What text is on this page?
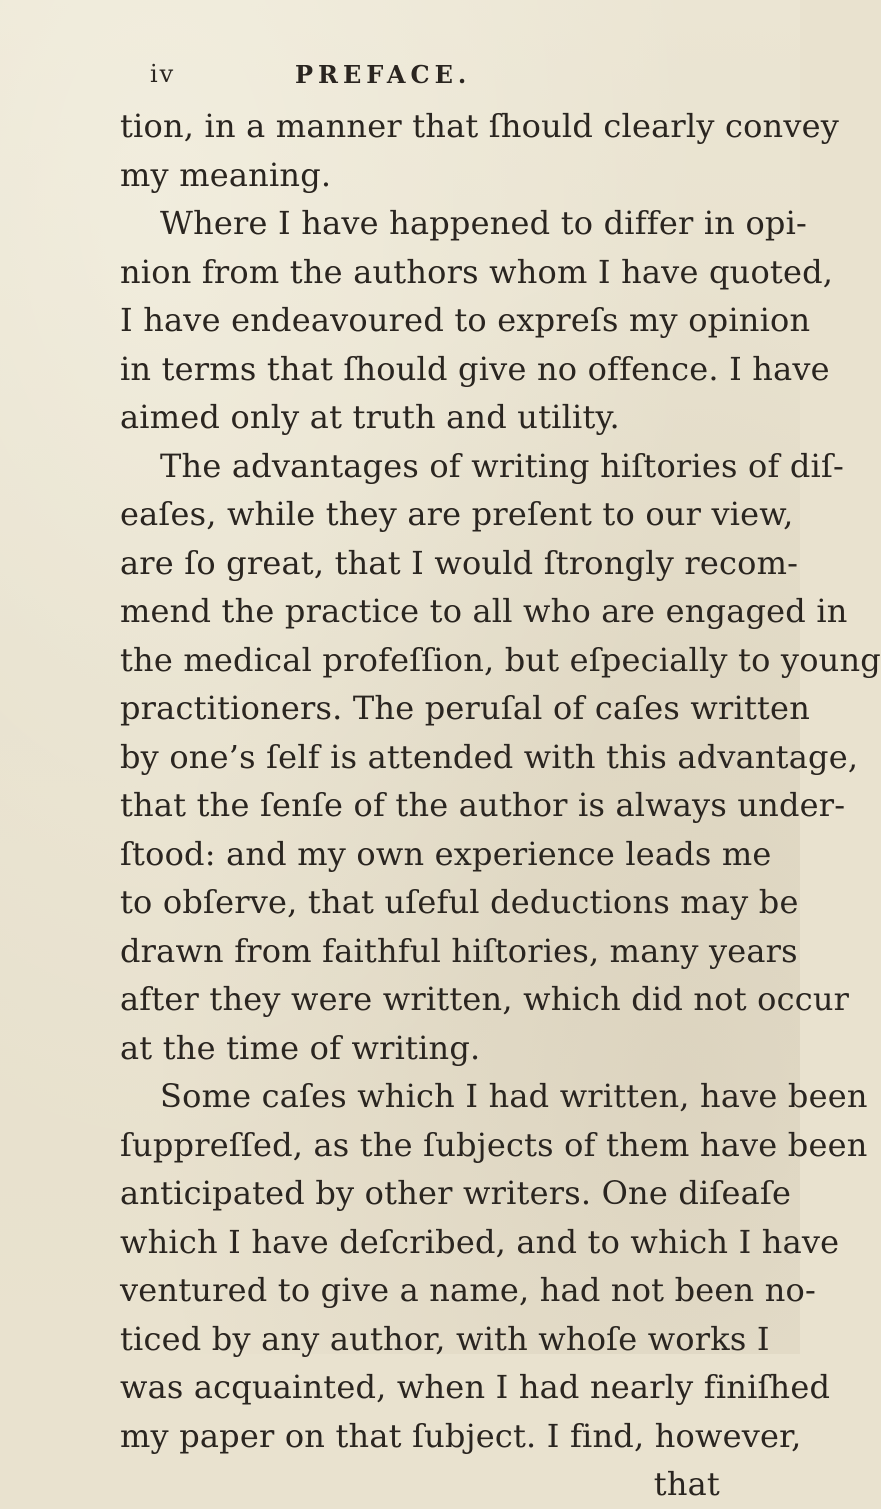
iv	PREFACE.
tion, in a manner that ſhould clearly convey
my meaning.
Where I have happened to differ in opi-
nion from the authors whom I have quoted,
I have endeavoured to expreſs my opinion
in terms that ſhould give no offence. I have
aimed only at truth and utility.
The advantages of writing hiſtories of diſ-
eaſes, while they are preſent to our view,
are ſo great, that I would ſtrongly recom-
mend the practice to all who are engaged in
the medical profeſſion, but eſpecially to young
practitioners. The peruſal of caſes written
by one’s ſelf is attended with this advantage,
that the ſenſe of the author is always under-
ſtood: and my own experience leads me
to obſerve, that uſeful deductions may be
drawn from faithful hiſtories, many years
after they were written, which did not occur
at the time of writing.
Some caſes which I had written, have been
ſuppreſſed, as the ſubjects of them have been
anticipated by other writers. One diſeaſe
which I have deſcribed, and to which I have
ventured to give a name, had not been no-
ticed by any author, with whoſe works I
was acquainted, when I had nearly finiſhed
my paper on that ſubject. I find, however,
that
